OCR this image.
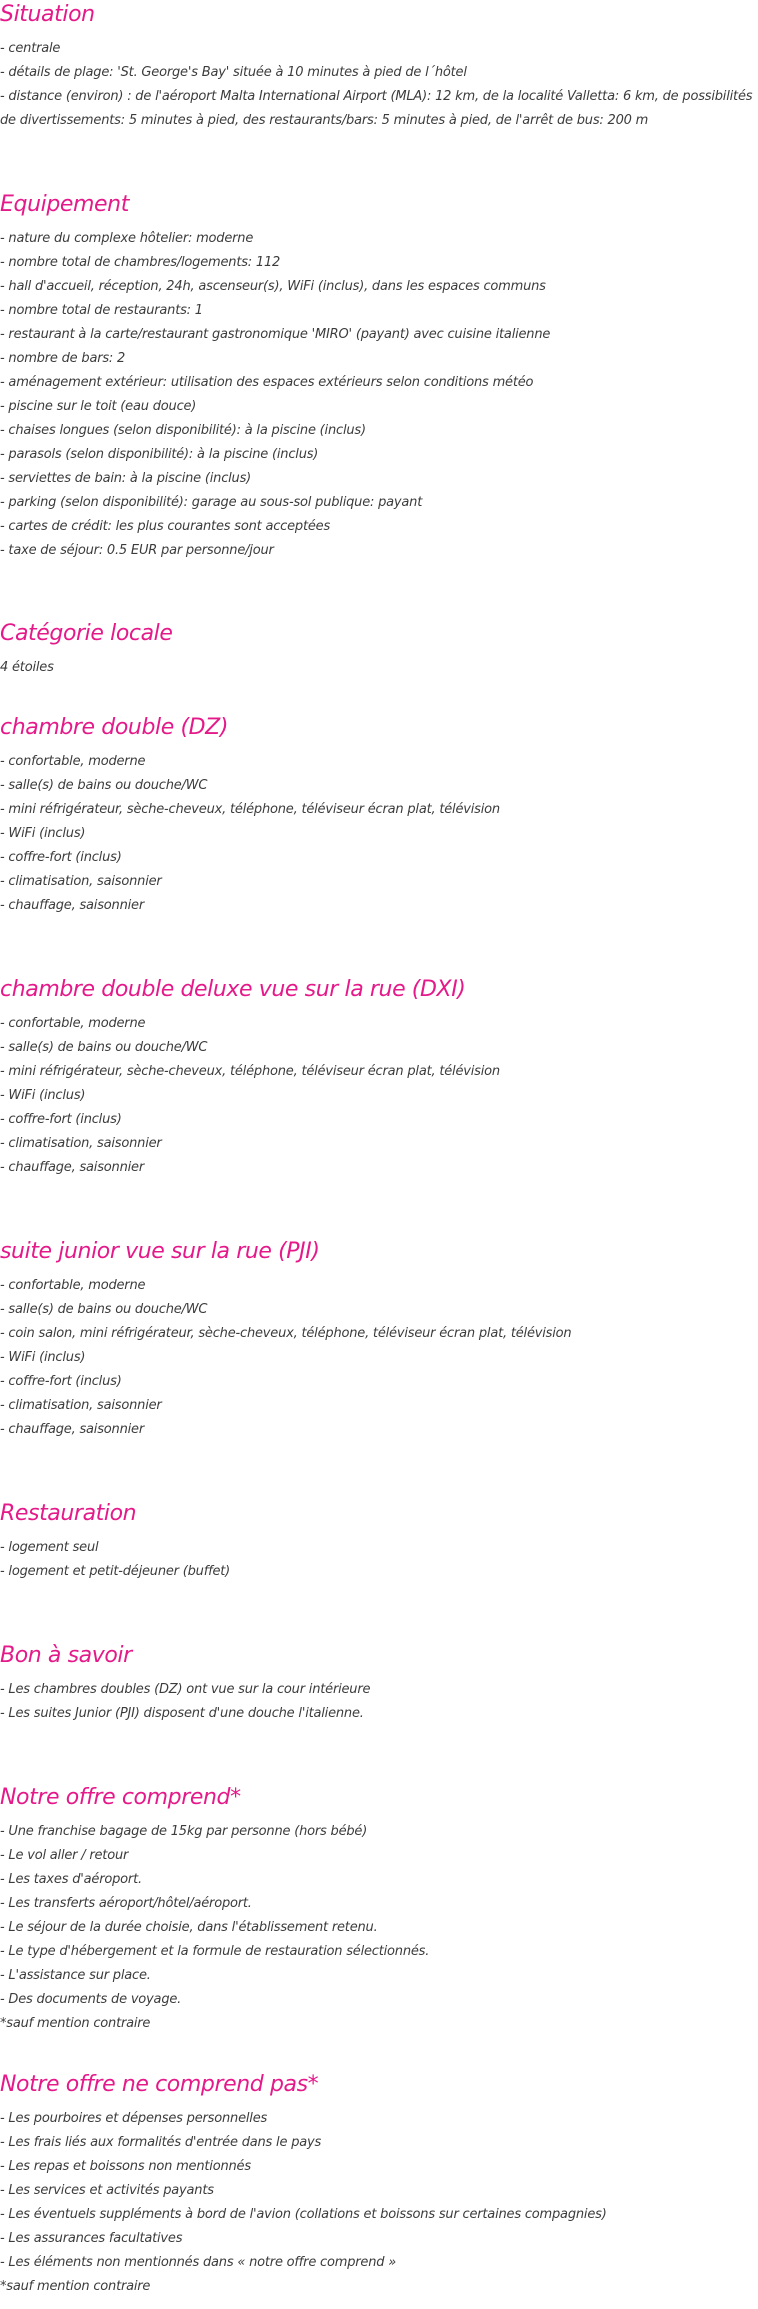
Situation
- centrale
- détails de plage: 'St. George's Bay' située à 10 minutes à pied de l´hôtel
- distance (environ) : de l'aéroport Malta International Airport (MLA): 12 km, de la localité Valletta: 6 km, de possibilités de divertissements: 5 minutes à pied, des restaurants/bars: 5 minutes à pied, de l'arrêt de bus: 200 m
Equipement
- nature du complexe hôtelier: moderne
- nombre total de chambres/logements: 112
- hall d'accueil, réception, 24h, ascenseur(s), WiFi (inclus), dans les espaces communs
- nombre total de restaurants: 1
- restaurant à la carte/restaurant gastronomique 'MIRO' (payant) avec cuisine italienne
- nombre de bars: 2
- aménagement extérieur: utilisation des espaces extérieurs selon conditions météo
- piscine sur le toit (eau douce)
- chaises longues (selon disponibilité): à la piscine (inclus)
- parasols (selon disponibilité): à la piscine (inclus)
- serviettes de bain: à la piscine (inclus)
- parking (selon disponibilité): garage au sous-sol publique: payant
- cartes de crédit: les plus courantes sont acceptées
- taxe de séjour: 0.5 EUR par personne/jour
Catégorie locale
4 étoiles
chambre double (DZ)
- confortable, moderne
- salle(s) de bains ou douche/WC
- mini réfrigérateur, sèche-cheveux, téléphone, téléviseur écran plat, télévision
- WiFi (inclus)
- coffre-fort (inclus)
- climatisation, saisonnier
- chauffage, saisonnier
chambre double deluxe vue sur la rue (DXI)
- confortable, moderne
- salle(s) de bains ou douche/WC
- mini réfrigérateur, sèche-cheveux, téléphone, téléviseur écran plat, télévision
- WiFi (inclus)
- coffre-fort (inclus)
- climatisation, saisonnier
- chauffage, saisonnier
suite junior vue sur la rue (PJI)
- confortable, moderne
- salle(s) de bains ou douche/WC
- coin salon, mini réfrigérateur, sèche-cheveux, téléphone, téléviseur écran plat, télévision
- WiFi (inclus)
- coffre-fort (inclus)
- climatisation, saisonnier
- chauffage, saisonnier
Restauration
- logement seul
- logement et petit-déjeuner (buffet)
Bon à savoir
- Les chambres doubles (DZ) ont vue sur la cour intérieure
- Les suites Junior (PJI) disposent d'une douche l'italienne.
Notre offre comprend*
- Une franchise bagage de 15kg par personne (hors bébé)
- Le vol aller / retour
- Les taxes d'aéroport.
- Les transferts aéroport/hôtel/aéroport.
- Le séjour de la durée choisie, dans l'établissement retenu.
- Le type d'hébergement et la formule de restauration sélectionnés.
- L'assistance sur place.
- Des documents de voyage.
*sauf mention contraire
Notre offre ne comprend pas*
- Les pourboires et dépenses personnelles
- Les frais liés aux formalités d'entrée dans le pays
- Les repas et boissons non mentionnés
- Les services et activités payants
- Les éventuels suppléments à bord de l'avion (collations et boissons sur certaines compagnies)
- Les assurances facultatives
- Les éléments non mentionnés dans « notre offre comprend »
*sauf mention contraire
